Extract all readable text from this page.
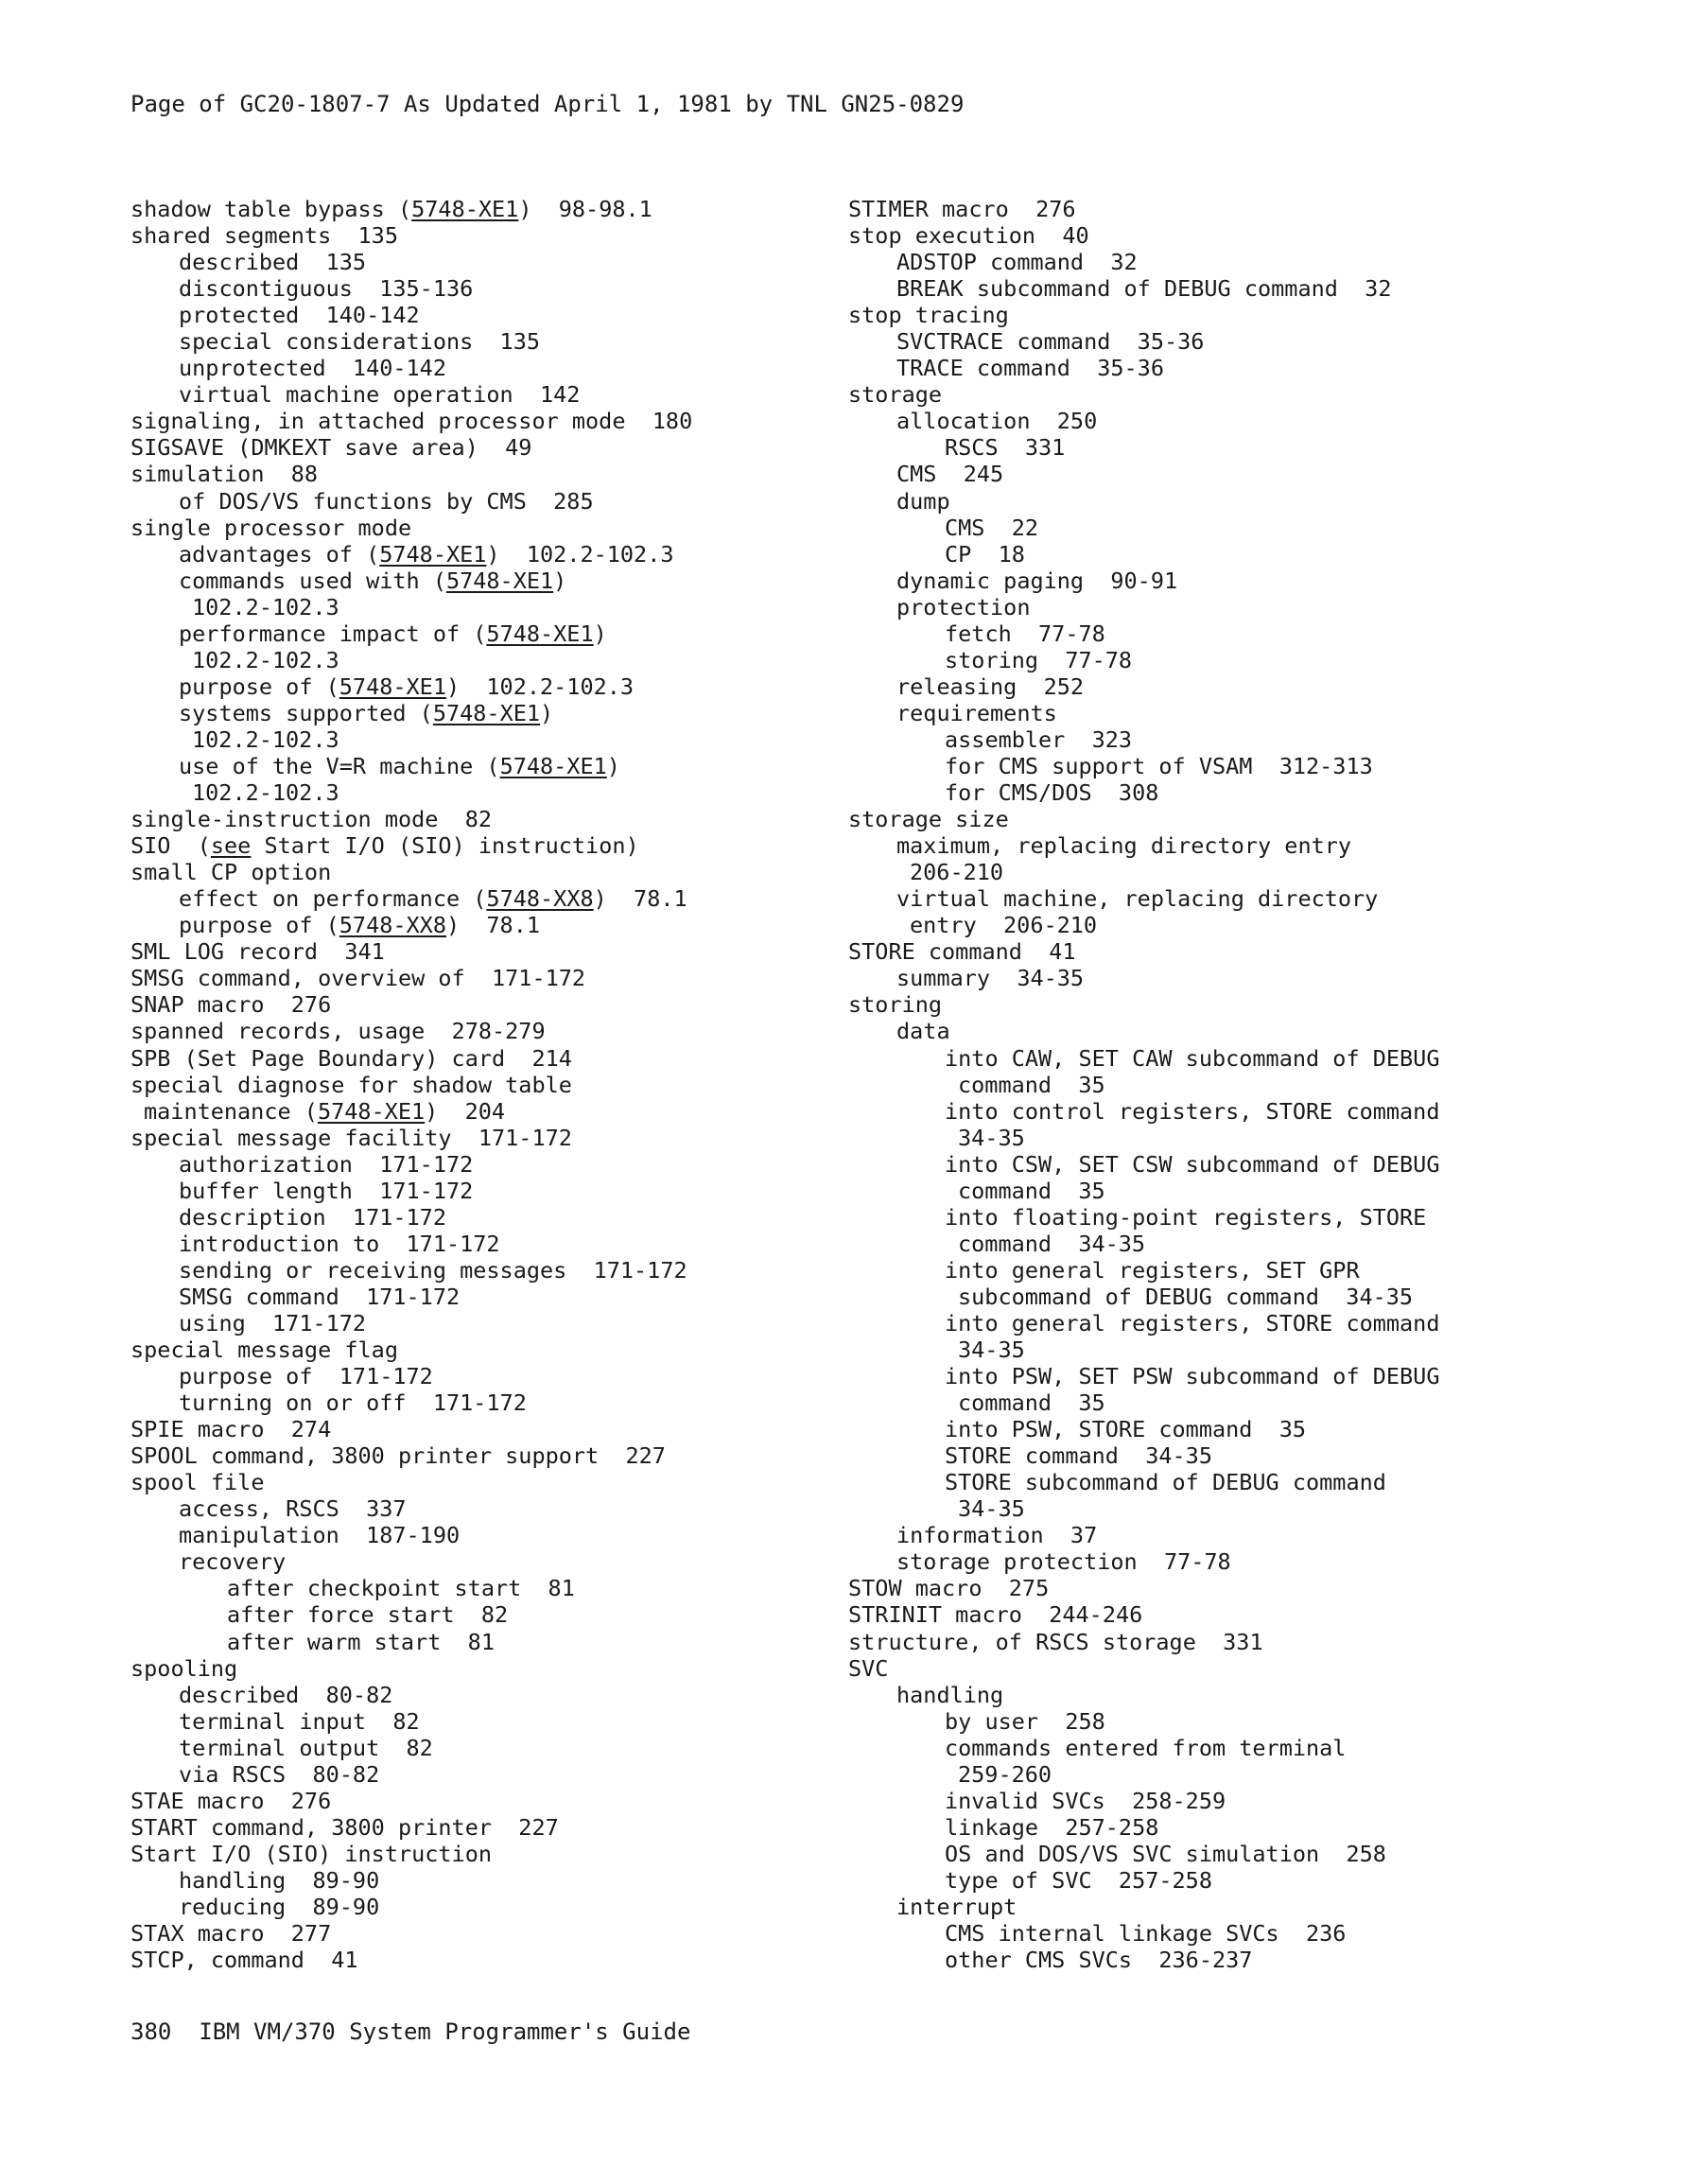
Page of GC20-1807-7 As Updated April 1, 1981 by TNL GN25-0829
shadow table bypass (5748-XE1)  98-98.1
shared segments  135
described  135
discontiguous  135-136
protected  140-142
special considerations  135
unprotected  140-142
virtual machine operation  142
signaling, in attached processor mode  180
SIGSAVE (DMKEXT save area)  49
simulation  88
of DOS/VS functions by CMS  285
single processor mode
advantages of (5748-XE1)  102.2-102.3
commands used with (5748-XE1)
102.2-102.3
performance impact of (5748-XE1)
102.2-102.3
purpose of (5748-XE1)  102.2-102.3
systems supported (5748-XE1)
102.2-102.3
use of the V=R machine (5748-XE1)
102.2-102.3
single-instruction mode  82
SIO  (see Start I/O (SIO) instruction)
small CP option
effect on performance (5748-XX8)  78.1
purpose of (5748-XX8)  78.1
SML LOG record  341
SMSG command, overview of  171-172
SNAP macro  276
spanned records, usage  278-279
SPB (Set Page Boundary) card  214
special diagnose for shadow table
maintenance (5748-XE1)  204
special message facility  171-172
authorization  171-172
buffer length  171-172
description  171-172
introduction to  171-172
sending or receiving messages  171-172
SMSG command  171-172
using  171-172
special message flag
purpose of  171-172
turning on or off  171-172
SPIE macro  274
SPOOL command, 3800 printer support  227
spool file
access, RSCS  337
manipulation  187-190
recovery
after checkpoint start  81
after force start  82
after warm start  81
spooling
described  80-82
terminal input  82
terminal output  82
via RSCS  80-82
STAE macro  276
START command, 3800 printer  227
Start I/O (SIO) instruction
handling  89-90
reducing  89-90
STAX macro  277
STCP, command  41
STIMER macro  276
stop execution  40
ADSTOP command  32
BREAK subcommand of DEBUG command  32
stop tracing
SVCTRACE command  35-36
TRACE command  35-36
storage
allocation  250
RSCS  331
CMS  245
dump
CMS  22
CP  18
dynamic paging  90-91
protection
fetch  77-78
storing  77-78
releasing  252
requirements
assembler  323
for CMS support of VSAM  312-313
for CMS/DOS  308
storage size
maximum, replacing directory entry
206-210
virtual machine, replacing directory
entry  206-210
STORE command  41
summary  34-35
storing
data
into CAW, SET CAW subcommand of DEBUG
command  35
into control registers, STORE command
34-35
into CSW, SET CSW subcommand of DEBUG
command  35
into floating-point registers, STORE
command  34-35
into general registers, SET GPR
subcommand of DEBUG command  34-35
into general registers, STORE command
34-35
into PSW, SET PSW subcommand of DEBUG
command  35
into PSW, STORE command  35
STORE command  34-35
STORE subcommand of DEBUG command
34-35
information  37
storage protection  77-78
STOW macro  275
STRINIT macro  244-246
structure, of RSCS storage  331
SVC
handling
by user  258
commands entered from terminal
259-260
invalid SVCs  258-259
linkage  257-258
OS and DOS/VS SVC simulation  258
type of SVC  257-258
interrupt
CMS internal linkage SVCs  236
other CMS SVCs  236-237
380  IBM VM/370 System Programmer's Guide
